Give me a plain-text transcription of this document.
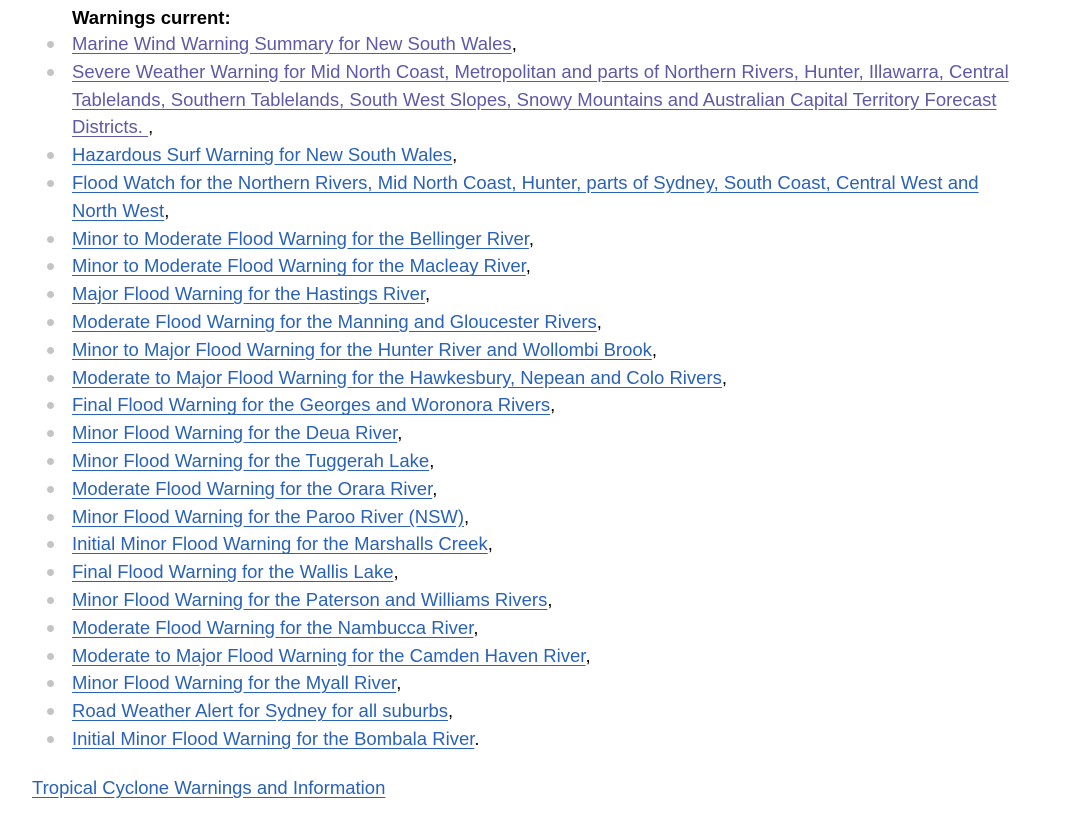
Warnings current:
Marine Wind Warning Summary for New South Wales,
Severe Weather Warning for Mid North Coast, Metropolitan and parts of Northern Rivers, Hunter, Illawarra, Central Tablelands, Southern Tablelands, South West Slopes, Snowy Mountains and Australian Capital Territory Forecast Districts. ,
Hazardous Surf Warning for New South Wales,
Flood Watch for the Northern Rivers, Mid North Coast, Hunter, parts of Sydney, South Coast, Central West and North West,
Minor to Moderate Flood Warning for the Bellinger River,
Minor to Moderate Flood Warning for the Macleay River,
Major Flood Warning for the Hastings River,
Moderate Flood Warning for the Manning and Gloucester Rivers,
Minor to Major Flood Warning for the Hunter River and Wollombi Brook,
Moderate to Major Flood Warning for the Hawkesbury, Nepean and Colo Rivers,
Final Flood Warning for the Georges and Woronora Rivers,
Minor Flood Warning for the Deua River,
Minor Flood Warning for the Tuggerah Lake,
Moderate Flood Warning for the Orara River,
Minor Flood Warning for the Paroo River (NSW),
Initial Minor Flood Warning for the Marshalls Creek,
Final Flood Warning for the Wallis Lake,
Minor Flood Warning for the Paterson and Williams Rivers,
Moderate Flood Warning for the Nambucca River,
Moderate to Major Flood Warning for the Camden Haven River,
Minor Flood Warning for the Myall River,
Road Weather Alert for Sydney for all suburbs,
Initial Minor Flood Warning for the Bombala River.
Tropical Cyclone Warnings and Information
